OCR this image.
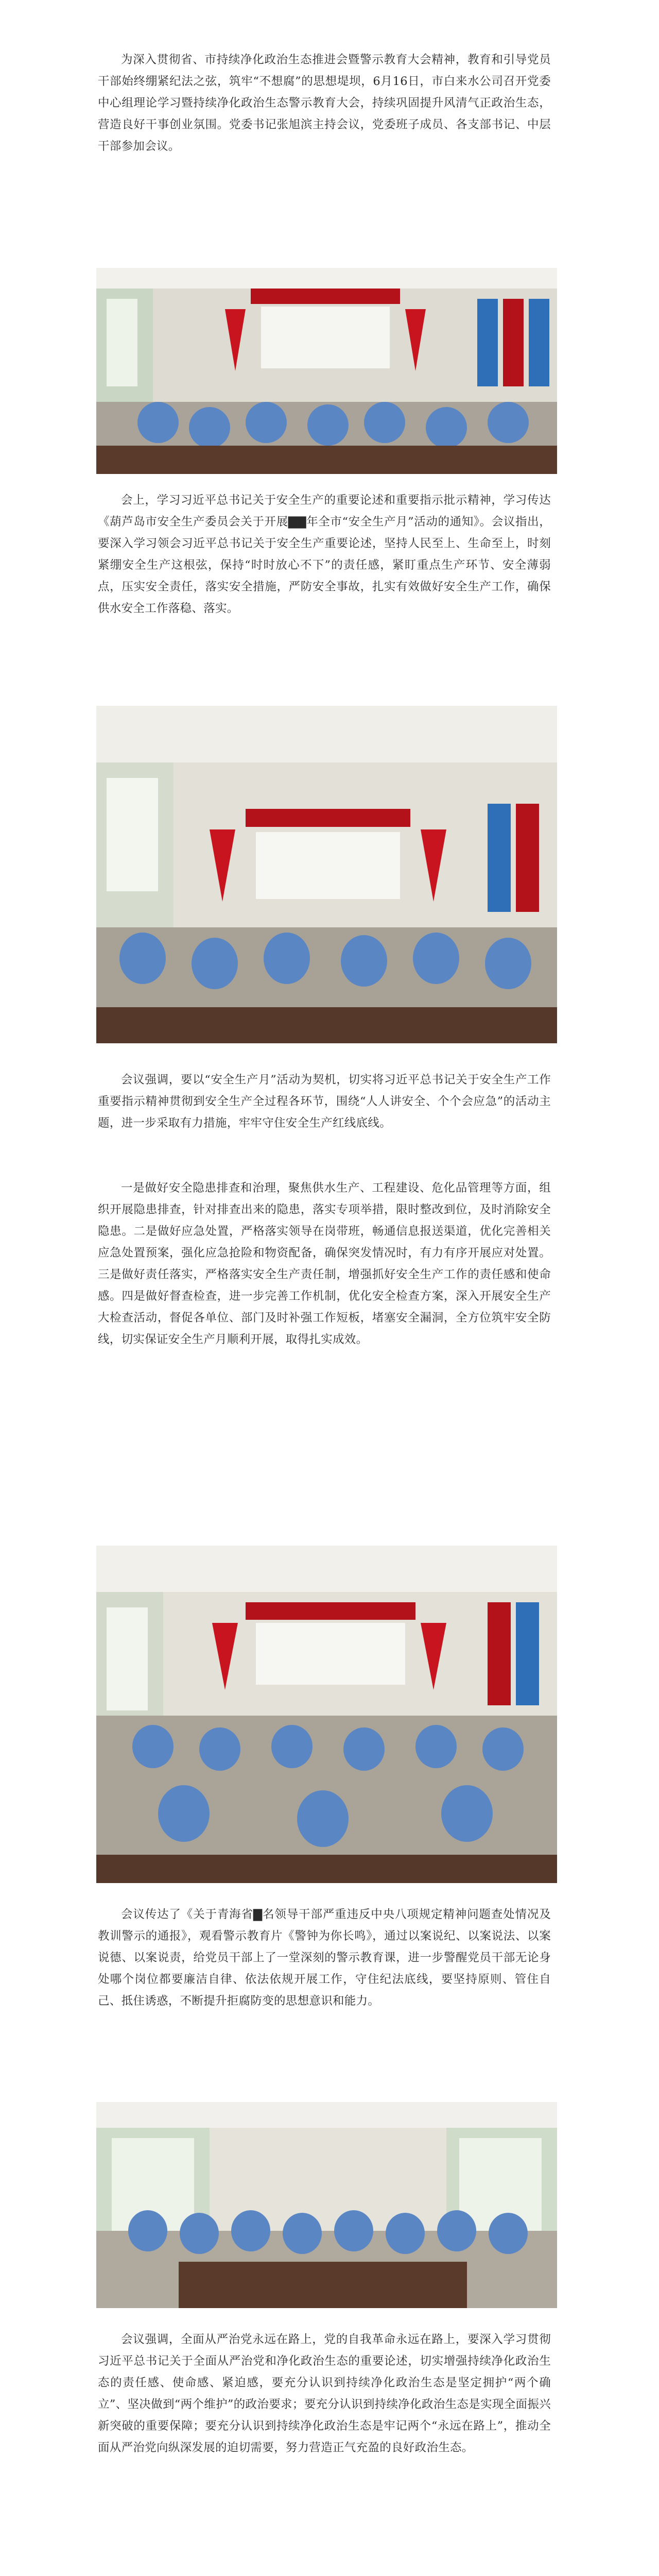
为深入贯彻省、市持续净化政治生态推进会暨警示教育大会精神，教育和引导党员干部始终绷紧纪法之弦，筑牢“不想腐”的思想堤坝，6月16日，市白来水公司召开党委中心组理论学习暨持续净化政治生态警示教育大会，持续巩固提升风清气正政治生态，营造良好干事创业氛围。党委书记张旭滨主持会议，党委班子成员、各支部书记、中层干部参加会议。

会上，学习习近平总书记关于安全生产的重要论述和重要指示批示精神，学习传达《葫芦岛市安全生产委员会关于开展▇▇年全市“安全生产月”活动的通知》。会议指出，要深入学习领会习近平总书记关于安全生产重要论述，坚持人民至上、生命至上，时刻紧绷安全生产这根弦，保持“时时放心不下”的责任感，紧盯重点生产环节、安全薄弱点，压实安全责任，落实安全措施，严防安全事故，扎实有效做好安全生产工作，确保供水安全工作落稳、落实。

会议强调，要以“安全生产月”活动为契机，切实将习近平总书记关于安全生产工作重要指示精神贯彻到安全生产全过程各环节，围绕“人人讲安全、个个会应急”的活动主题，进一步采取有力措施，牢牢守住安全生产红线底线。

一是做好安全隐患排查和治理，聚焦供水生产、工程建设、危化品管理等方面，组织开展隐患排查，针对排查出来的隐患，落实专项举措，限时整改到位，及时消除安全隐患。二是做好应急处置，严格落实领导在岗带班，畅通信息报送渠道，优化完善相关应急处置预案，强化应急抢险和物资配备，确保突发情况时，有力有序开展应对处置。三是做好责任落实，严格落实安全生产责任制，增强抓好安全生产工作的责任感和使命感。四是做好督查检查，进一步完善工作机制，优化安全检查方案，深入开展安全生产大检查活动，督促各单位、部门及时补强工作短板，堵塞安全漏洞，全方位筑牢安全防线，切实保证安全生产月顺利开展，取得扎实成效。

会议传达了《关于青海省▇名领导干部严重违反中央八项规定精神问题查处情况及教训警示的通报》，观看警示教育片《警钟为你长鸣》，通过以案说纪、以案说法、以案说德、以案说责，给党员干部上了一堂深刻的警示教育课，进一步警醒党员干部无论身处哪个岗位都要廉洁自律、依法依规开展工作，守住纪法底线，要坚持原则、管住自己、抵住诱惑，不断提升拒腐防变的思想意识和能力。

会议强调，全面从严治党永远在路上，党的自我革命永远在路上，要深入学习贯彻习近平总书记关于全面从严治党和净化政治生态的重要论述，切实增强持续净化政治生态的责任感、使命感、紧迫感，要充分认识到持续净化政治生态是坚定拥护“两个确立”、坚决做到“两个维护”的政治要求；要充分认识到持续净化政治生态是实现全面振兴新突破的重要保障；要充分认识到持续净化政治生态是牢记两个“永远在路上”，推动全面从严治党向纵深发展的迫切需要，努力营造正气充盈的良好政治生态。
